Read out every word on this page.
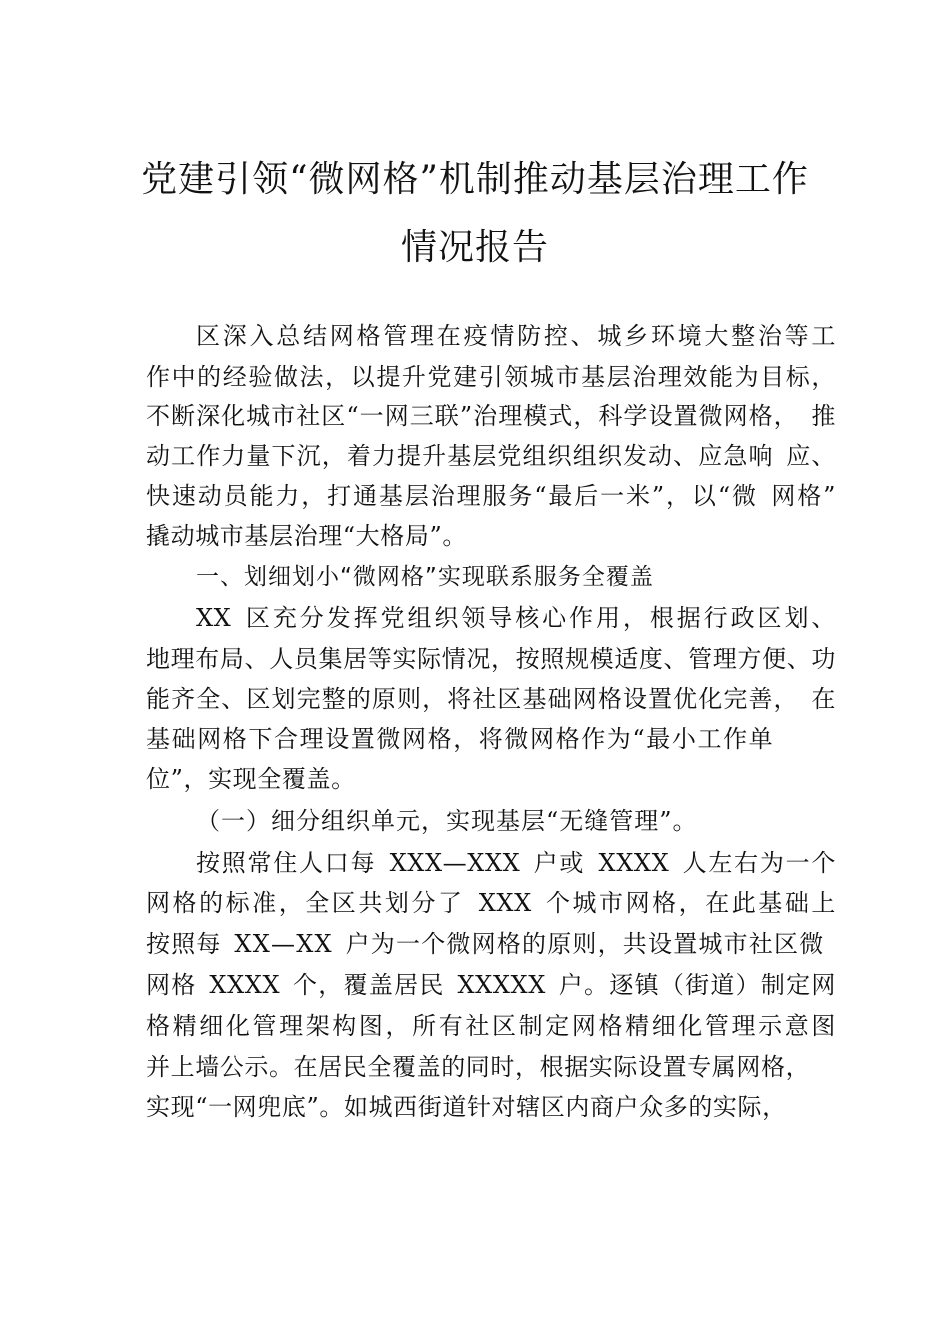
党建引领“微网格”机制推动基层治理工作
情况报告
区深入总结网格管理在疫情防控、城乡环境大整治等工
作中的经验做法，以提升党建引领城市基层治理效能为目标，
不断深化城市社区“一网三联”治理模式，科学设置微网格， 推
动工作力量下沉，着力提升基层党组织组织发动、应急响 应、
快速动员能力，打通基层治理服务“最后一米”，以“微 网格”
撬动城市基层治理“大格局”。
一、划细划小“微网格”实现联系服务全覆盖
XX 区充分发挥党组织领导核心作用，根据行政区划、
地理布局、人员集居等实际情况，按照规模适度、管理方便、功
能齐全、区划完整的原则，将社区基础网格设置优化完善， 在
基础网格下合理设置微网格，将微网格作为“最小工作单
位”，实现全覆盖。
（一）细分组织单元，实现基层“无缝管理”。
按照常住人口每 XXX—XXX 户或 XXXX 人左右为一个
网格的标准，全区共划分了 XXX 个城市网格，在此基础上
按照每 XX—XX 户为一个微网格的原则，共设置城市社区微
网格 XXXX 个，覆盖居民 XXXXX 户。逐镇（街道）制定网
格精细化管理架构图，所有社区制定网格精细化管理示意图
并上墙公示。在居民全覆盖的同时，根据实际设置专属网格，
实现“一网兜底”。如城西街道针对辖区内商户众多的实际，
